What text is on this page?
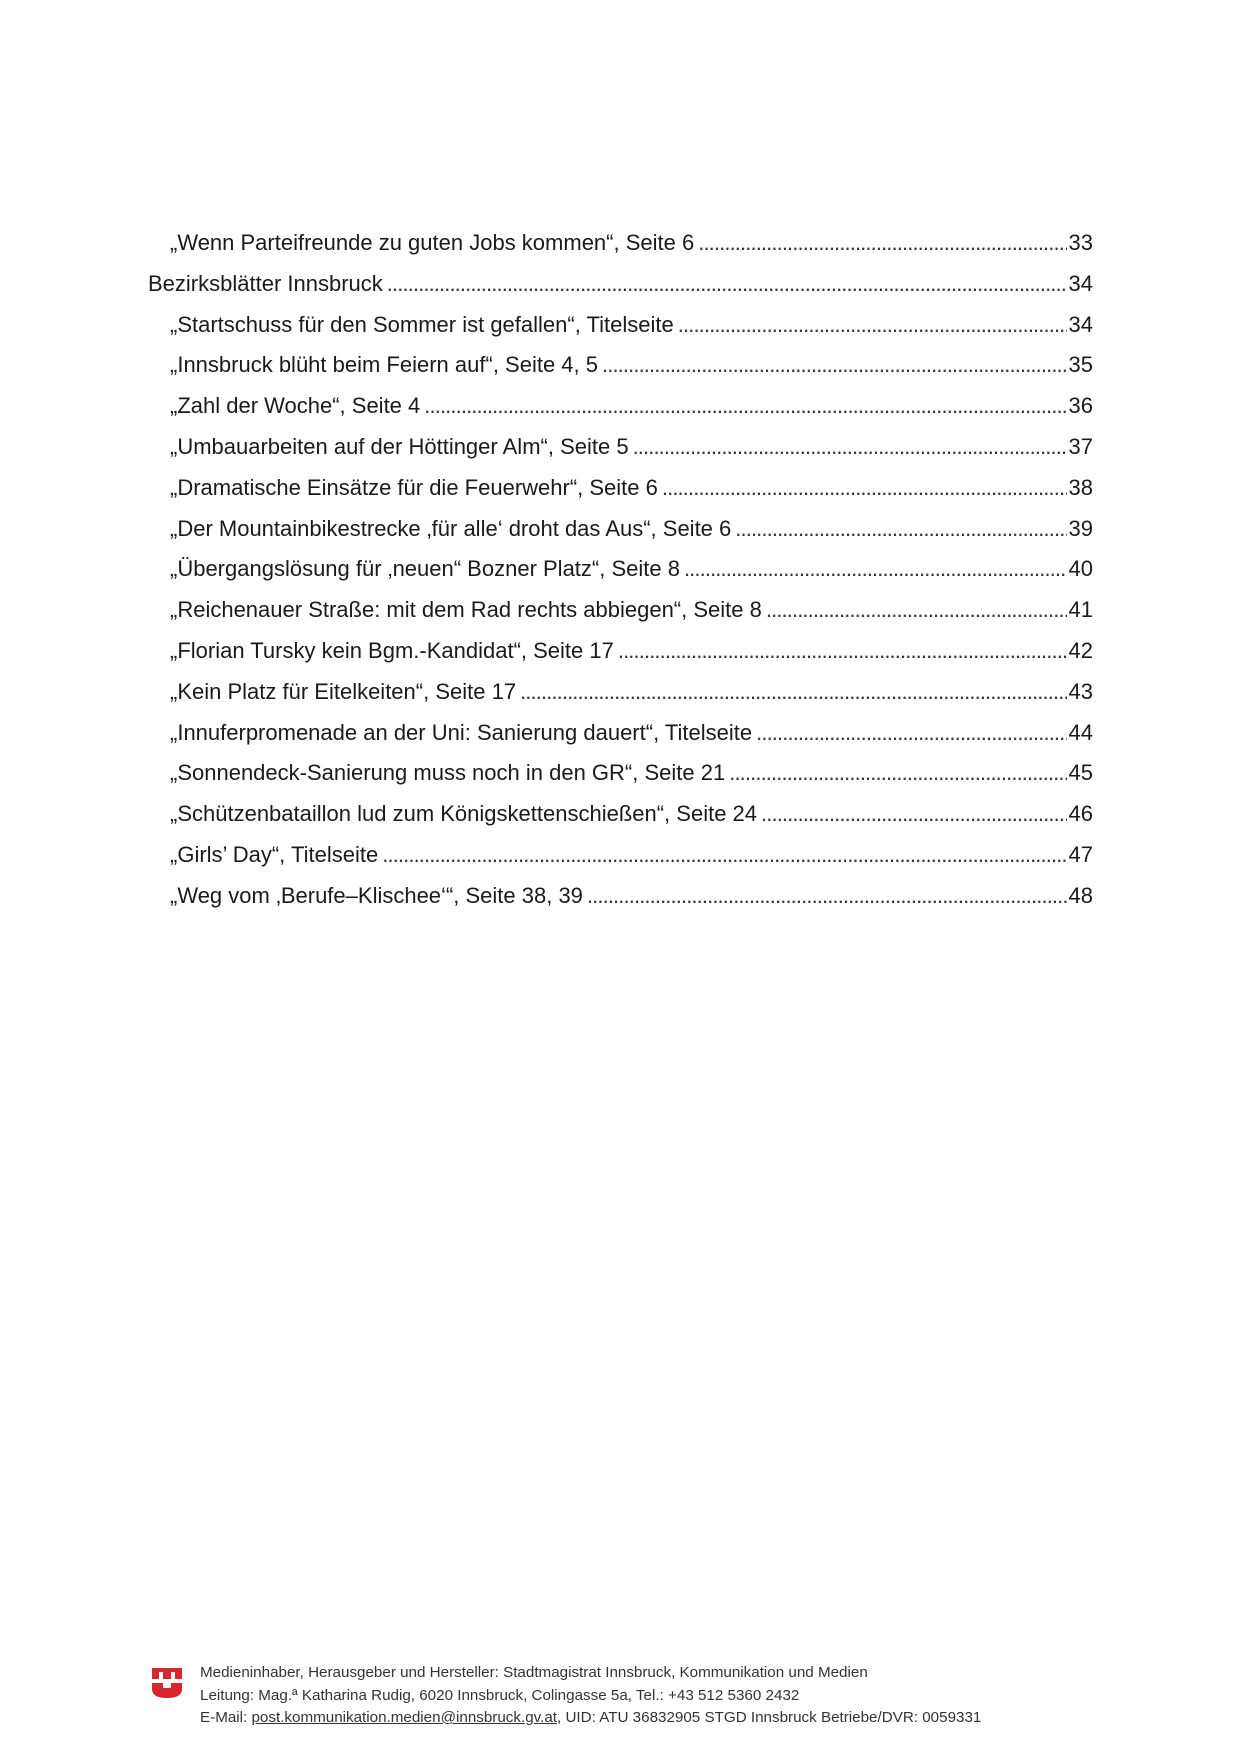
„Wenn Parteifreunde zu guten Jobs kommen“, Seite 6 . . .	33
Bezirksblätter Innsbruck . . .	34
„Startschuss für den Sommer ist gefallen“, Titelseite . . .	34
„Innsbruck blüht beim Feiern auf“, Seite 4, 5 . . .	35
„Zahl der Woche“, Seite 4 . . .	36
„Umbauarbeiten auf der Höttinger Alm“, Seite 5 . . .	37
„Dramatische Einsätze für die Feuerwehr“, Seite 6 . . .	38
„Der Mountainbikestrecke ‚für alle‘ droht das Aus“, Seite 6 . . .	39
„Übergangslösung für ‚neuen“ Bozner Platz“, Seite 8 . . .	40
„Reichenauer Straße: mit dem Rad rechts abbiegen“, Seite 8 . . .	41
„Florian Tursky kein Bgm.-Kandidat“, Seite 17 . . .	42
„Kein Platz für Eitelkeiten“, Seite 17 . . .	43
„Innuferpromenade an der Uni: Sanierung dauert“, Titelseite . . .	44
„Sonnendeck-Sanierung muss noch in den GR“, Seite 21 . . .	45
„Schützenbataillon lud zum Königskettenschießen“, Seite 24 . . .	46
„Girls’ Day“, Titelseite . . .	47
„Weg vom ‚Berufe–Klischee‘“, Seite 38, 39 . . .	48
Medieninhaber, Herausgeber und Hersteller: Stadtmagistrat Innsbruck, Kommunikation und Medien
Leitung: Mag.ª Katharina Rudig, 6020 Innsbruck, Colingasse 5a, Tel.: +43 512 5360 2432
E-Mail: post.kommunikation.medien@innsbruck.gv.at, UID: ATU 36832905 STGD Innsbruck Betriebe/DVR: 0059331
